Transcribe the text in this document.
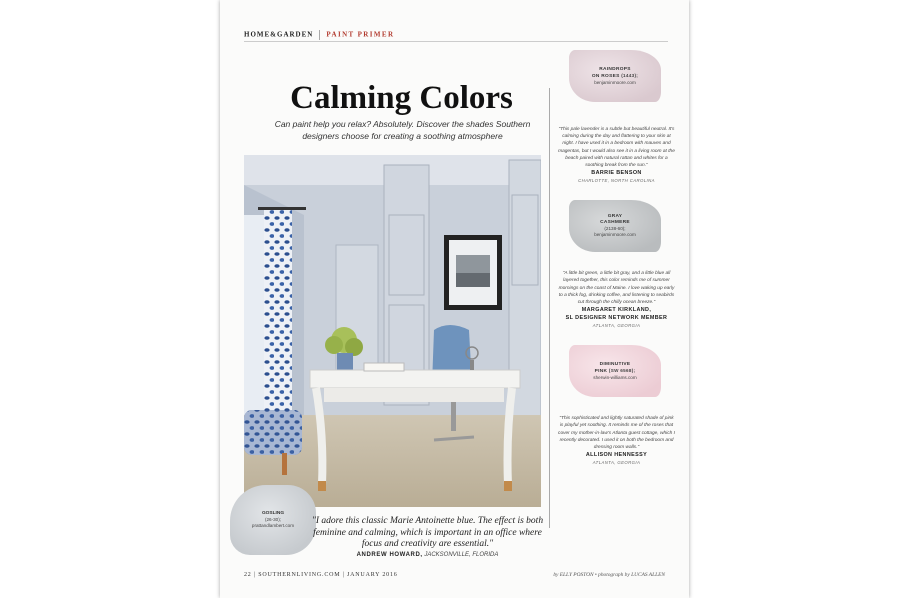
HOME&GARDEN PAINT PRIMER
Calming Colors
Can paint help you relax? Absolutely. Discover the shades Southern designers choose for creating a soothing atmosphere
RAINDROPS
ON ROSES (1443);
benjaminmoore.com
"This pale lavender is a subtle but beautiful neutral. It's calming during the day and flattering to your skin at night. I have used it in a bedroom with mauves and magentas, but I would also see it in a living room at the beach paired with natural rattan and whites for a soothing break from the sun."
BARRIE BENSON
CHARLOTTE, NORTH CAROLINA
GRAY
CASHMERE
(2138-60);
benjaminmoore.com
"A little bit green, a little bit gray, and a little blue all layered together, this color reminds me of summer mornings on the coast of Maine. I love waking up early to a thick fog, drinking coffee, and listening to seabirds cut through the chilly ocean breeze."
MARGARET KIRKLAND,
SL DESIGNER NETWORK MEMBER
ATLANTA, GEORGIA
DIMINUTIVE
PINK (SW 6568);
sherwin-williams.com
"This sophisticated and lightly saturated shade of pink is playful yet soothing. It reminds me of the roses that cover my mother-in-law's Atlanta guest cottage, which I recently decorated. I used it on both the bedroom and dressing room walls."
ALLISON HENNESSY
ATLANTA, GEORGIA
GOSLING
(26-30);
prattandlambert.com "I adore this classic Marie Antoinette blue. The effect is both feminine and calming, which is important in an office where focus and creativity are essential."
ANDREW HOWARD, JACKSONVILLE, FLORIDA
22 | SOUTHERNLIVING.COM | JANUARY 2016	by ELLY POSTON • photograph by LUCAS ALLEN
